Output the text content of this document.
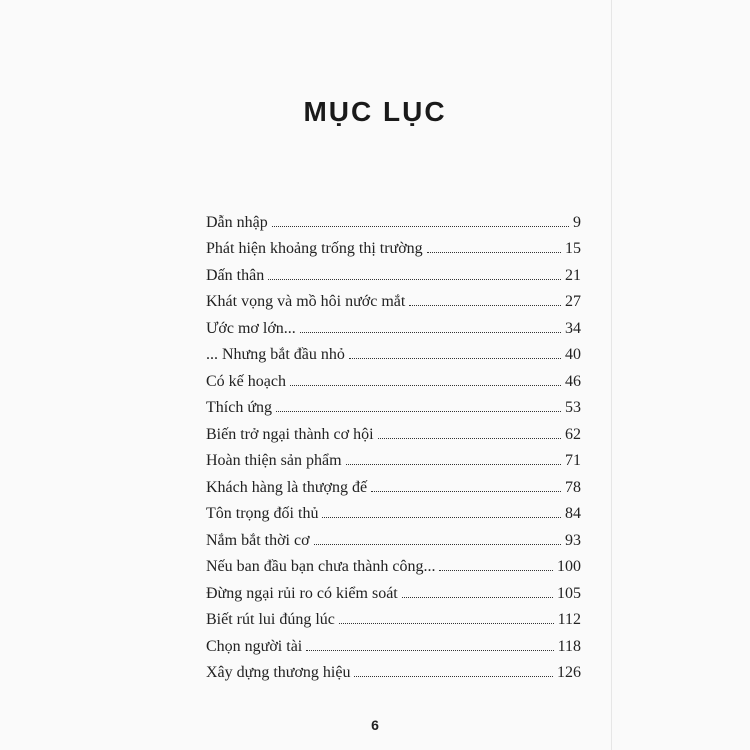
MỤC LỤC
Dẫn nhập	9
Phát hiện khoảng trống thị trường	15
Dấn thân	21
Khát vọng và mồ hôi nước mắt	27
Ước mơ lớn...	34
... Nhưng bắt đầu nhỏ	40
Có kế hoạch	46
Thích ứng	53
Biến trở ngại thành cơ hội	62
Hoàn thiện sản phẩm	71
Khách hàng là thượng đế	78
Tôn trọng đối thủ	84
Nắm bắt thời cơ	93
Nếu ban đầu bạn chưa thành công...	100
Đừng ngại rủi ro có kiểm soát	105
Biết rút lui đúng lúc	112
Chọn người tài	118
Xây dựng thương hiệu	126
6
